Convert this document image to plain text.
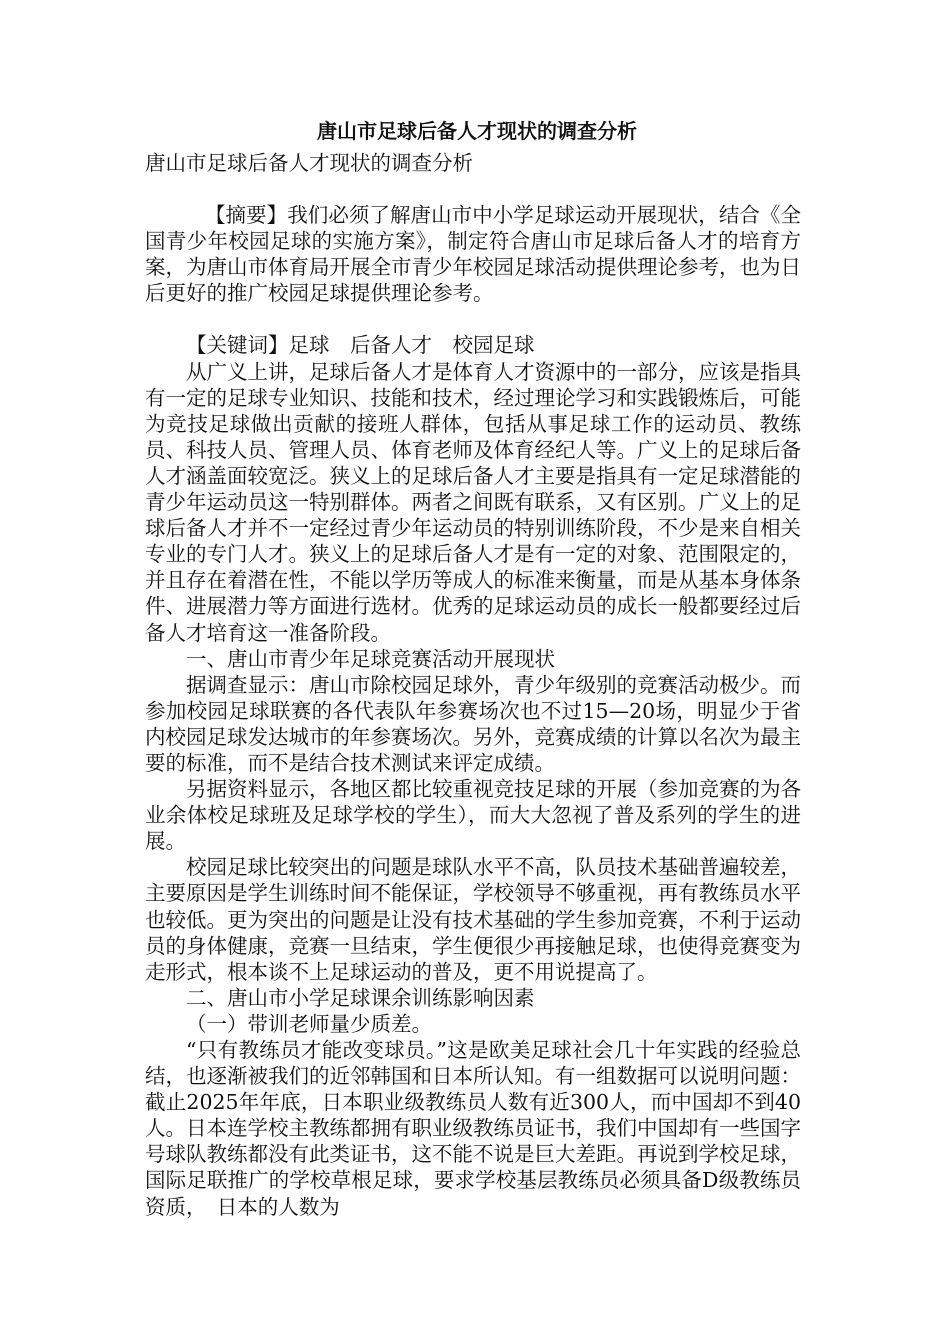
唐山市足球后备人才现状的调查分析

唐山市足球后备人才现状的调查分析

【摘要】我们必须了解唐山市中小学足球运动开展现状，结合《全国青少年校园足球的实施方案》，制定符合唐山市足球后备人才的培育方案，为唐山市体育局开展全市青少年校园足球活动提供理论参考，也为日后更好的推广校园足球提供理论参考。

【关键词】足球　后备人才　校园足球

从广义上讲，足球后备人才是体育人才资源中的一部分，应该是指具有一定的足球专业知识、技能和技术，经过理论学习和实践锻炼后，可能为竞技足球做出贡献的接班人群体，包括从事足球工作的运动员、教练员、科技人员、管理人员、体育老师及体育经纪人等。广义上的足球后备人才涵盖面较宽泛。狭义上的足球后备人才主要是指具有一定足球潜能的青少年运动员这一特别群体。两者之间既有联系，又有区别。广义上的足球后备人才并不一定经过青少年运动员的特别训练阶段，不少是来自相关专业的专门人才。狭义上的足球后备人才是有一定的对象、范围限定的，并且存在着潜在性，不能以学历等成人的标准来衡量，而是从基本身体条件、进展潜力等方面进行选材。优秀的足球运动员的成长一般都要经过后备人才培育这一准备阶段。

一、唐山市青少年足球竞赛活动开展现状

据调查显示：唐山市除校园足球外，青少年级别的竞赛活动极少。而参加校园足球联赛的各代表队年参赛场次也不过15—20场，明显少于省内校园足球发达城市的年参赛场次。另外，竞赛成绩的计算以名次为最主要的标准，而不是结合技术测试来评定成绩。

另据资料显示，各地区都比较重视竞技足球的开展（参加竞赛的为各业余体校足球班及足球学校的学生），而大大忽视了普及系列的学生的进展。

校园足球比较突出的问题是球队水平不高，队员技术基础普遍较差，主要原因是学生训练时间不能保证，学校领导不够重视，再有教练员水平也较低。更为突出的问题是让没有技术基础的学生参加竞赛，不利于运动员的身体健康，竞赛一旦结束，学生便很少再接触足球，也使得竞赛变为走形式，根本谈不上足球运动的普及，更不用说提高了。

二、唐山市小学足球课余训练影响因素

（一）带训老师量少质差。

“只有教练员才能改变球员。”这是欧美足球社会几十年实践的经验总结，也逐渐被我们的近邻韩国和日本所认知。有一组数据可以说明问题：截止2025年年底，日本职业级教练员人数有近300人，而中国却不到40人。日本连学校主教练都拥有职业级教练员证书，我们中国却有一些国字号球队教练都没有此类证书，这不能不说是巨大差距。再说到学校足球，国际足联推广的学校草根足球，要求学校基层教练员必须具备D级教练员资质，　日本的人数为
